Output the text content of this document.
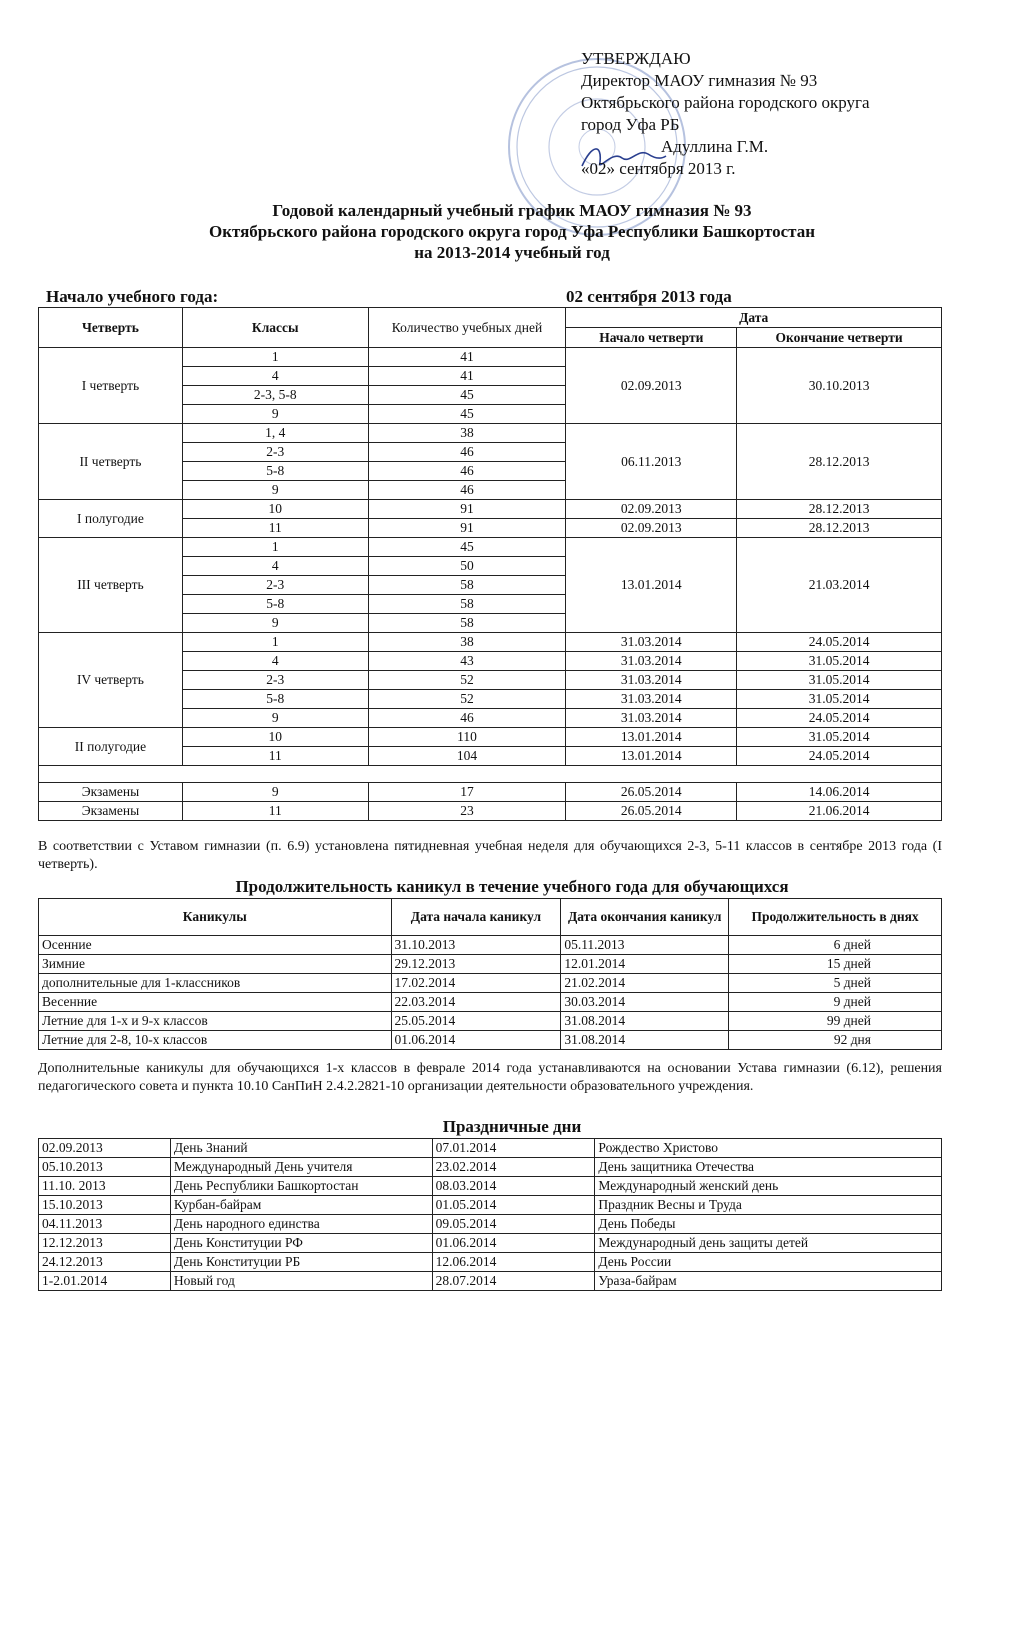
УТВЕРЖДАЮ
Директор МАОУ гимназия № 93
Октябрьского района городского округа
город Уфа РБ
Адуллина Г.М.
«02» сентября 2013 г.
Годовой календарный учебный график МАОУ гимназия № 93
Октябрьского района городского округа город Уфа Республики Башкортостан
на 2013-2014 учебный год
Начало учебного года:	02 сентября 2013 года
Четверть	Классы	Количество учебных дней	Дата	
			Начало четверти	Окончание четверти
I четверть	1	41	02.09.2013	30.10.2013
	4	41		
	2-3, 5-8	45		
	9	45		
II четверть	1, 4	38	06.11.2013	28.12.2013
	2-3	46		
	5-8	46		
	9	46		
I полугодие	10	91	02.09.2013	28.12.2013
	11	91	02.09.2013	28.12.2013
III четверть	1	45	13.01.2014	21.03.2014
	4	50		
	2-3	58		
	5-8	58		
	9	58		
IV четверть	1	38	31.03.2014	24.05.2014
	4	43	31.03.2014	31.05.2014
	2-3	52	31.03.2014	31.05.2014
	5-8	52	31.03.2014	31.05.2014
	9	46	31.03.2014	24.05.2014
II полугодие	10	110	13.01.2014	31.05.2014
	11	104	13.01.2014	24.05.2014

Экзамены	9	17	26.05.2014	14.06.2014
Экзамены	11	23	26.05.2014	21.06.2014
В соответствии с Уставом гимназии (п. 6.9) установлена пятидневная учебная неделя для обучающихся 2-3, 5-11 классов в сентябре 2013 года (I четверть).
Продолжительность каникул в течение учебного года для обучающихся
Каникулы	Дата начала каникул	Дата окончания каникул	Продолжительность в днях
Осенние	31.10.2013	05.11.2013	6 дней
Зимние	29.12.2013	12.01.2014	15 дней
дополнительные для 1-классников	17.02.2014	21.02.2014	5 дней
Весенние	22.03.2014	30.03.2014	9 дней
Летние для 1-х и 9-х классов	25.05.2014	31.08.2014	99 дней
Летние для 2-8, 10-х классов	01.06.2014	31.08.2014	92 дня
Дополнительные каникулы для обучающихся 1-х классов в феврале 2014 года устанавливаются на основании Устава гимназии (6.12), решения педагогического совета и пункта 10.10 СанПиН 2.4.2.2821-10 организации деятельности образовательного учреждения.
Праздничные дни
02.09.2013	День Знаний	07.01.2014	Рождество Христово
05.10.2013	Международный День учителя	23.02.2014	День защитника Отечества
11.10. 2013	День Республики Башкортостан	08.03.2014	Международный женский день
15.10.2013	Курбан-байрам	01.05.2014	Праздник Весны и Труда
04.11.2013	День народного единства	09.05.2014	День Победы
12.12.2013	День Конституции РФ	01.06.2014	Международный день защиты детей
24.12.2013	День Конституции РБ	12.06.2014	День России
1-2.01.2014	Новый год	28.07.2014	Ураза-байрам
